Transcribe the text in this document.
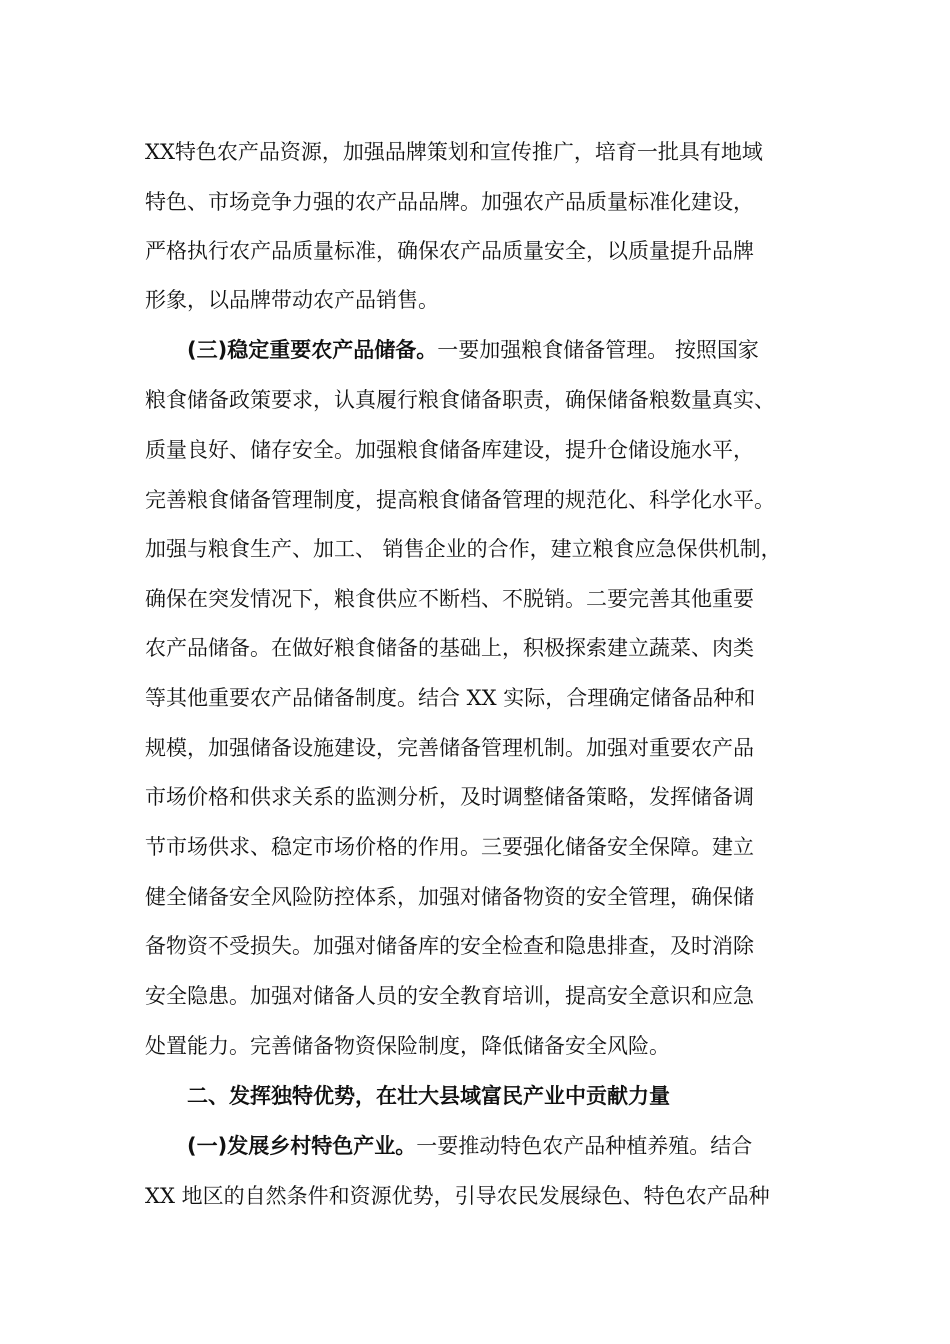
XX特色农产品资源，加强品牌策划和宣传推广，培育一批具有地域
特色、市场竞争力强的农产品品牌。加强农产品质量标准化建设，
严格执行农产品质量标准，确保农产品质量安全，以质量提升品牌
形象，以品牌带动农产品销售。
(三)稳定重要农产品储备。一要加强粮食储备管理。 按照国家
粮食储备政策要求，认真履行粮食储备职责，确保储备粮数量真实、
质量良好、储存安全。加强粮食储备库建设，提升仓储设施水平，
完善粮食储备管理制度，提高粮食储备管理的规范化、科学化水平。
加强与粮食生产、加工、 销售企业的合作，建立粮食应急保供机制，
确保在突发情况下，粮食供应不断档、不脱销。二要完善其他重要
农产品储备。在做好粮食储备的基础上，积极探索建立蔬菜、肉类
等其他重要农产品储备制度。结合 XX 实际，合理确定储备品种和
规模，加强储备设施建设，完善储备管理机制。加强对重要农产品
市场价格和供求关系的监测分析，及时调整储备策略，发挥储备调
节市场供求、稳定市场价格的作用。三要强化储备安全保障。建立
健全储备安全风险防控体系，加强对储备物资的安全管理，确保储
备物资不受损失。加强对储备库的安全检查和隐患排查，及时消除
安全隐患。加强对储备人员的安全教育培训，提高安全意识和应急
处置能力。完善储备物资保险制度，降低储备安全风险。
二、发挥独特优势，在壮大县域富民产业中贡献力量
(一)发展乡村特色产业。一要推动特色农产品种植养殖。结合
XX 地区的自然条件和资源优势，引导农民发展绿色、特色农产品种
